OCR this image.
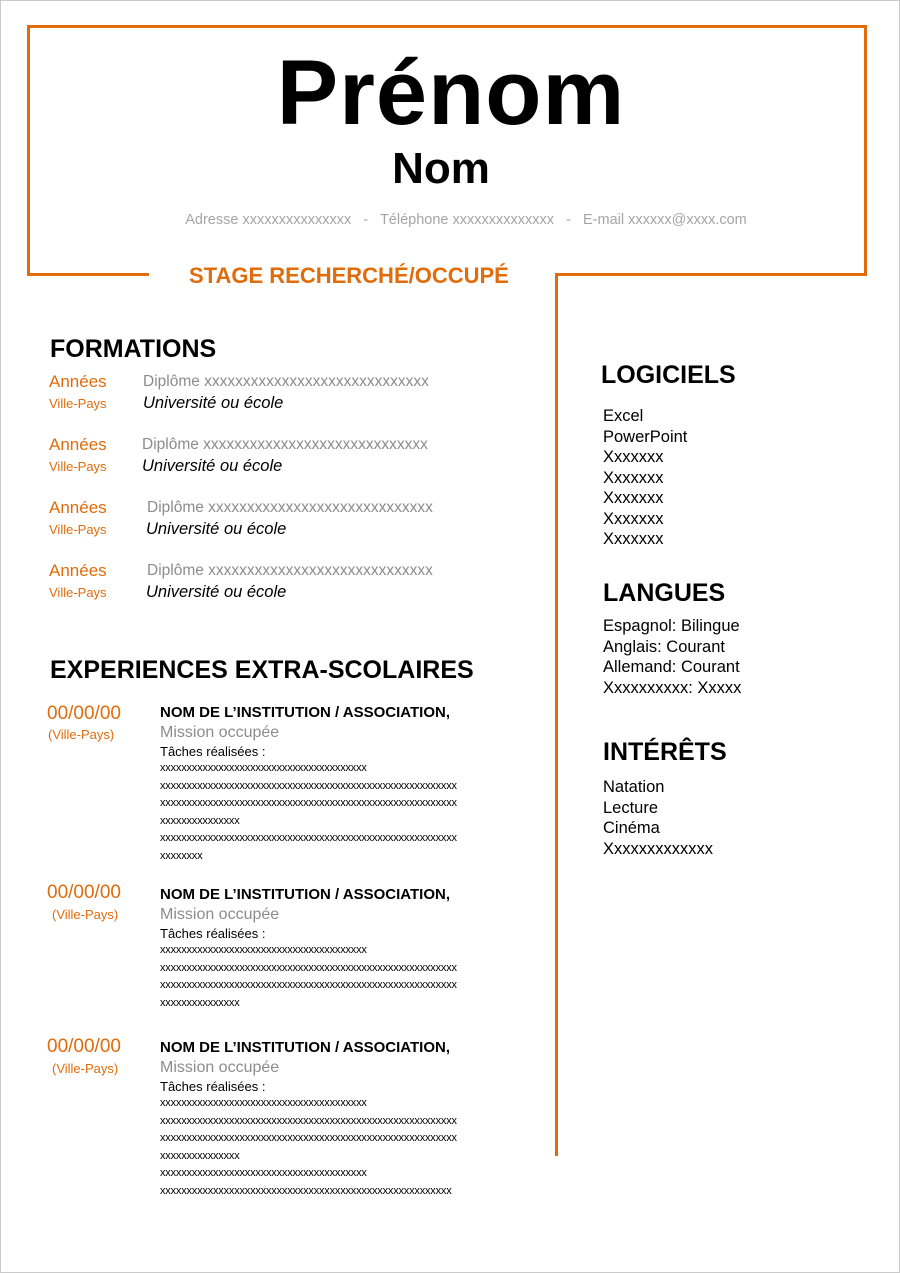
Prénom
Nom
Adresse xxxxxxxxxxxxxxx   -   Téléphone xxxxxxxxxxxxxx   -   E-mail xxxxxx@xxxx.com
STAGE RECHERCHÉ/OCCUPÉ
FORMATIONS
Années Diplôme xxxxxxxxxxxxxxxxxxxxxxxxxxxxx
Ville-Pays Université ou école
Années Diplôme xxxxxxxxxxxxxxxxxxxxxxxxxxxxx
Ville-Pays Université ou école
Années	Diplôme xxxxxxxxxxxxxxxxxxxxxxxxxxxxx
Ville-Pays Université ou école
Années	Diplôme xxxxxxxxxxxxxxxxxxxxxxxxxxxxx
Ville-Pays Université ou école
EXPERIENCES EXTRA-SCOLAIRES
00/00/00
(Ville-Pays)
NOM DE L’INSTITUTION / ASSOCIATION,
Mission occupée
Tâches réalisées :
xxxxxxxxxxxxxxxxxxxxxxxxxxxxxxxxxxxxxxx
xxxxxxxxxxxxxxxxxxxxxxxxxxxxxxxxxxxxxxxxxxxxxxxxxxxxxxxx
xxxxxxxxxxxxxxxxxxxxxxxxxxxxxxxxxxxxxxxxxxxxxxxxxxxxxxxx
xxxxxxxxxxxxxxx
xxxxxxxxxxxxxxxxxxxxxxxxxxxxxxxxxxxxxxxxxxxxxxxxxxxxxxxx
xxxxxxxx
00/00/00
(Ville-Pays)
NOM DE L’INSTITUTION / ASSOCIATION,
Mission occupée
Tâches réalisées :
xxxxxxxxxxxxxxxxxxxxxxxxxxxxxxxxxxxxxxx
xxxxxxxxxxxxxxxxxxxxxxxxxxxxxxxxxxxxxxxxxxxxxxxxxxxxxxxx
xxxxxxxxxxxxxxxxxxxxxxxxxxxxxxxxxxxxxxxxxxxxxxxxxxxxxxxx
xxxxxxxxxxxxxxx
00/00/00
(Ville-Pays)
NOM DE L’INSTITUTION / ASSOCIATION,
Mission occupée
Tâches réalisées :
xxxxxxxxxxxxxxxxxxxxxxxxxxxxxxxxxxxxxxx
xxxxxxxxxxxxxxxxxxxxxxxxxxxxxxxxxxxxxxxxxxxxxxxxxxxxxxxx
xxxxxxxxxxxxxxxxxxxxxxxxxxxxxxxxxxxxxxxxxxxxxxxxxxxxxxxx
xxxxxxxxxxxxxxx
xxxxxxxxxxxxxxxxxxxxxxxxxxxxxxxxxxxxxxx
xxxxxxxxxxxxxxxxxxxxxxxxxxxxxxxxxxxxxxxxxxxxxxxxxxxxxxx
LOGICIELS
Excel
PowerPoint
Xxxxxxx
Xxxxxxx
Xxxxxxx
Xxxxxxx
Xxxxxxx
LANGUES
Espagnol: Bilingue
Anglais: Courant
Allemand: Courant
Xxxxxxxxxx: Xxxxx
INTÉRÊTS
Natation
Lecture
Cinéma
Xxxxxxxxxxxxx
